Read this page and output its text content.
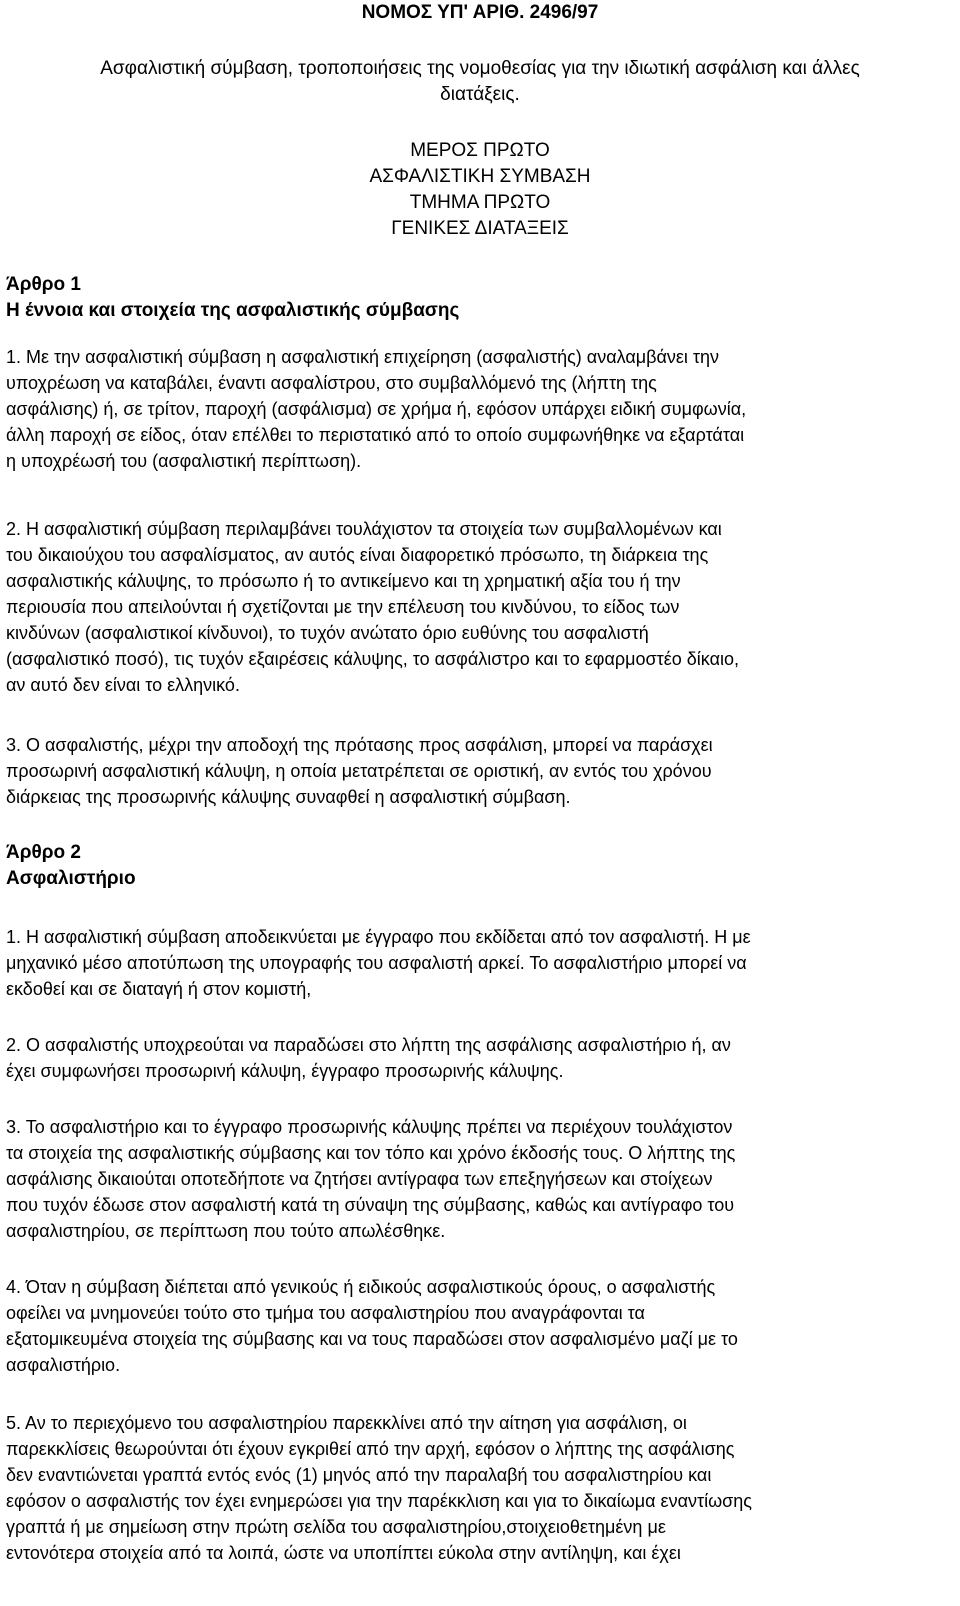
ΝΟΜΟΣ ΥΠ' ΑΡΙΘ. 2496/97
Ασφαλιστική σύμβαση, τροποποιήσεις της νομοθεσίας για την ιδιωτική ασφάλιση και άλλες
διατάξεις.
ΜΕΡΟΣ ΠΡΩΤΟ
ΑΣΦΑΛΙΣΤΙΚΗ ΣΥΜΒΑΣΗ
ΤΜΗΜΑ ΠΡΩΤΟ
ΓΕΝΙΚΕΣ ΔΙΑΤΑΞΕΙΣ
Άρθρο 1
Η έννοια και στοιχεία της ασφαλιστικής σύμβασης

1. Με την ασφαλιστική σύμβαση η ασφαλιστική επιχείρηση (ασφαλιστής) αναλαμβάνει την
υποχρέωση να καταβάλει, έναντι ασφαλίστρου, στο συμβαλλόμενό της (λήπτη της
ασφάλισης) ή, σε τρίτον, παροχή (ασφάλισμα) σε χρήμα ή, εφόσον υπάρχει ειδική συμφωνία,
άλλη παροχή σε είδος, όταν επέλθει το περιστατικό από το οποίο συμφωνήθηκε να εξαρτάται
η υποχρέωσή του (ασφαλιστική περίπτωση).

2. Η ασφαλιστική σύμβαση περιλαμβάνει τουλάχιστον τα στοιχεία των συμβαλλομένων και
του δικαιούχου του ασφαλίσματος, αν αυτός είναι διαφορετικό πρόσωπο, τη διάρκεια της
ασφαλιστικής κάλυψης, το πρόσωπο ή το αντικείμενο και τη χρηματική αξία του ή την
περιουσία που απειλούνται ή σχετίζονται με την επέλευση του κινδύνου, το είδος των
κινδύνων (ασφαλιστικοί κίνδυνοι), το τυχόν ανώτατο όριο ευθύνης του ασφαλιστή
(ασφαλιστικό ποσό), τις τυχόν εξαιρέσεις κάλυψης, το ασφάλιστρο και το εφαρμοστέο δίκαιο,
αν αυτό δεν είναι το ελληνικό.

3. Ο ασφαλιστής, μέχρι την αποδοχή της πρότασης προς ασφάλιση, μπορεί να παράσχει
προσωρινή ασφαλιστική κάλυψη, η οποία μετατρέπεται σε οριστική, αν εντός του χρόνου
διάρκειας της προσωρινής κάλυψης συναφθεί η ασφαλιστική σύμβαση.

Άρθρο 2
Ασφαλιστήριο

1. Η ασφαλιστική σύμβαση αποδεικνύεται με έγγραφο που εκδίδεται από τον ασφαλιστή. Η με
μηχανικό μέσο αποτύπωση της υπογραφής του ασφαλιστή αρκεί. Το ασφαλιστήριο μπορεί να
εκδοθεί και σε διαταγή ή στον κομιστή,

2. Ο ασφαλιστής υποχρεούται να παραδώσει στο λήπτη της ασφάλισης ασφαλιστήριο ή, αν
έχει συμφωνήσει προσωρινή κάλυψη, έγγραφο προσωρινής κάλυψης.

3. Το ασφαλιστήριο και το έγγραφο προσωρινής κάλυψης πρέπει να περιέχουν τουλάχιστον
τα στοιχεία της ασφαλιστικής σύμβασης και τον τόπο και χρόνο έκδοσής τους. Ο λήπτης της
ασφάλισης δικαιούται οποτεδήποτε να ζητήσει αντίγραφα των επεξηγήσεων και στοίχεων
που τυχόν έδωσε στον ασφαλιστή κατά τη σύναψη της σύμβασης, καθώς και αντίγραφο του
ασφαλιστηρίου, σε περίπτωση που τούτο απωλέσθηκε.

4. Όταν η σύμβαση διέπεται από γενικούς ή ειδικούς ασφαλιστικούς όρους, ο ασφαλιστής
οφείλει να μνημονεύει τούτο στο τμήμα του ασφαλιστηρίου που αναγράφονται τα
εξατομικευμένα στοιχεία της σύμβασης και να τους παραδώσει στον ασφαλισμένο μαζί με το
ασφαλιστήριο.

5. Αν το περιεχόμενο του ασφαλιστηρίου παρεκκλίνει από την αίτηση για ασφάλιση, οι
παρεκκλίσεις θεωρούνται ότι έχουν εγκριθεί από την αρχή, εφόσον ο λήπτης της ασφάλισης
δεν εναντιώνεται γραπτά εντός ενός (1) μηνός από την παραλαβή του ασφαλιστηρίου και
εφόσον ο ασφαλιστής τον έχει ενημερώσει για την παρέκκλιση και για το δικαίωμα εναντίωσης
γραπτά ή με σημείωση στην πρώτη σελίδα του ασφαλιστηρίου,στοιχειοθετημένη με
εντονότερα στοιχεία από τα λοιπά, ώστε να υποπίπτει εύκολα στην αντίληψη, και έχει
